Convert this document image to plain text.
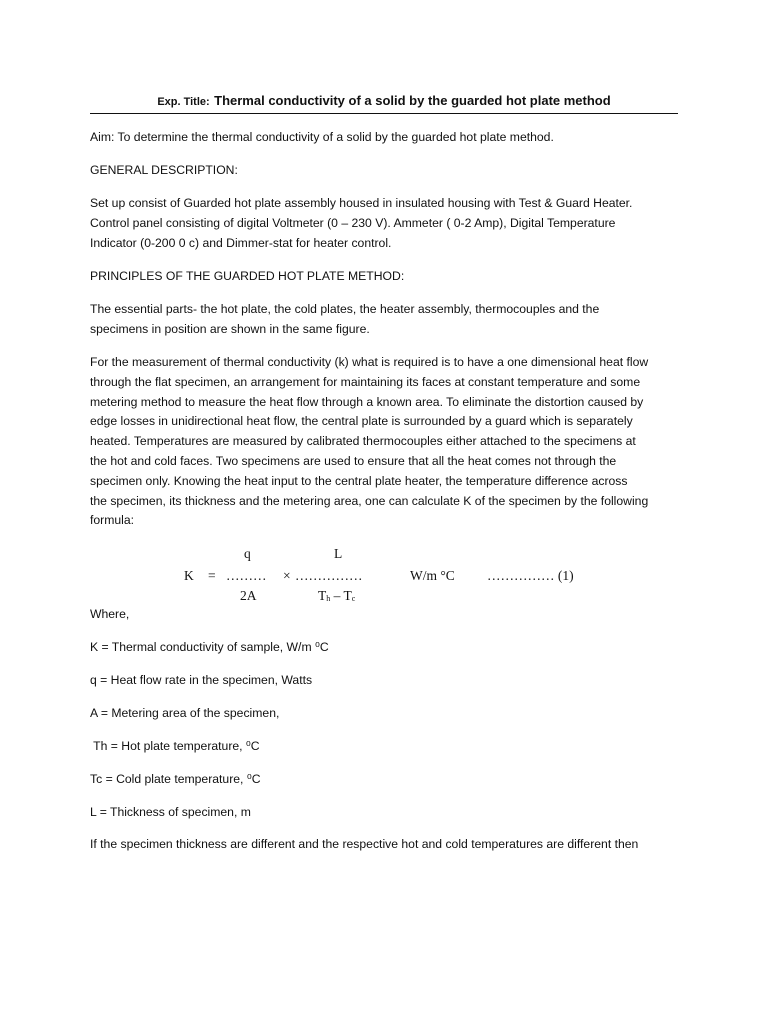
Exp. Title: Thermal conductivity of a solid by the guarded hot plate method

Aim: To determine the thermal conductivity of a solid by the guarded hot plate method.

GENERAL DESCRIPTION:

Set up consist of Guarded hot plate assembly housed in insulated housing with Test & Guard Heater.
Control panel consisting of digital Voltmeter (0 – 230 V). Ammeter ( 0-2 Amp), Digital Temperature
Indicator (0-200 0 c) and Dimmer-stat for heater control.

PRINCIPLES OF THE GUARDED HOT PLATE METHOD:

The essential parts- the hot plate, the cold plates, the heater assembly, thermocouples and the
specimens in position are shown in the same figure.

For the measurement of thermal conductivity (k) what is required is to have a one dimensional heat flow
through the flat specimen, an arrangement for maintaining its faces at constant temperature and some
metering method to measure the heat flow through a known area. To eliminate the distortion caused by
edge losses in unidirectional heat flow, the central plate is surrounded by a guard which is separately
heated. Temperatures are measured by calibrated thermocouples either attached to the specimens at
the hot and cold faces. Two specimens are used to ensure that all the heat comes not through the
specimen only. Knowing the heat input to the central plate heater, the temperature difference across
the specimen, its thickness and the metering area, one can calculate K of the specimen by the following
formula:

q	L
K = ……… × ……………	W/m °C …………… (1)
2A	$T_h - T_c$

Where,

K = Thermal conductivity of sample, W/m ⁰C

q = Heat flow rate in the specimen, Watts

A = Metering area of the specimen,

Th = Hot plate temperature, ⁰C

Tc = Cold plate temperature, ⁰C

L = Thickness of specimen, m

If the specimen thickness are different and the respective hot and cold temperatures are different then
